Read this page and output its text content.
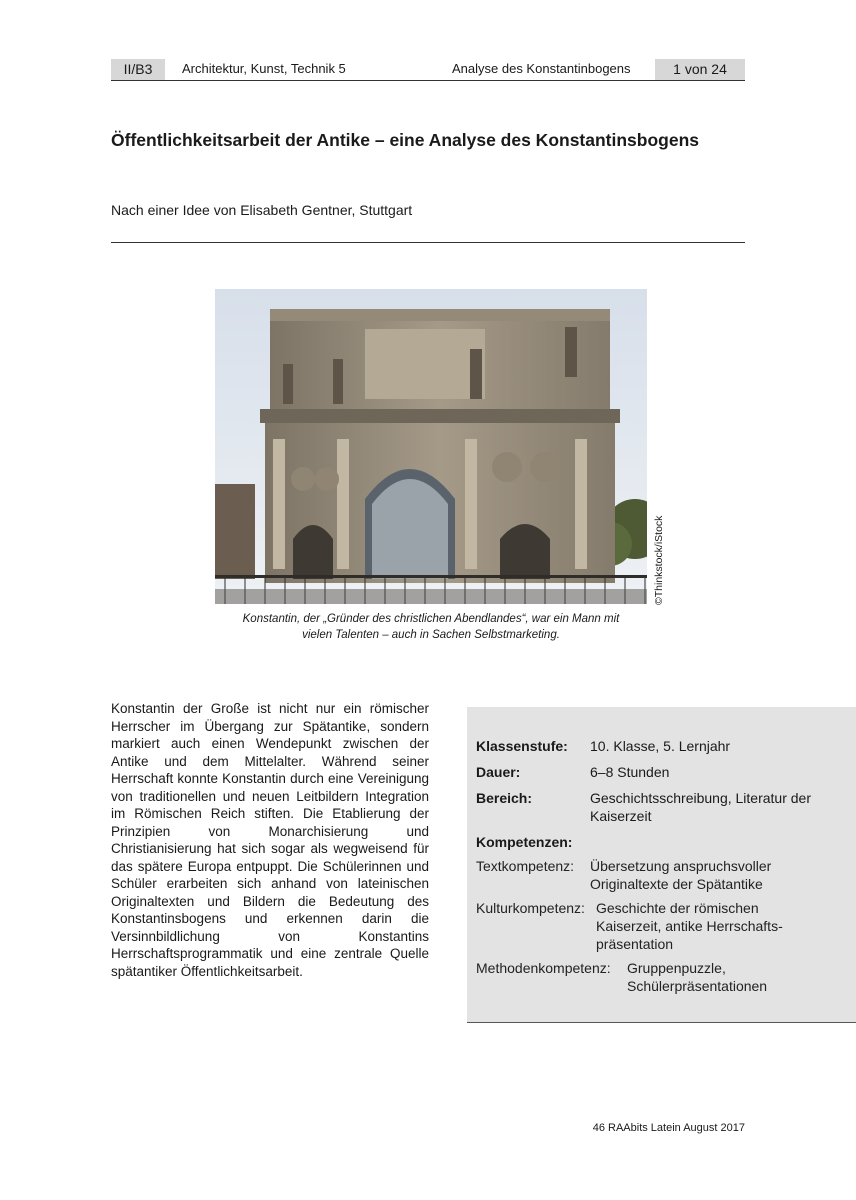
II/B3	Architektur, Kunst, Technik 5	Analyse des Konstantinbogens	1 von 24
Öffentlichkeitsarbeit der Antike – eine Analyse des Konstantinsbogens
Nach einer Idee von Elisabeth Gentner, Stuttgart
©Thinkstock/iStock
Konstantin, der „Gründer des christlichen Abendlandes“, war ein Mann mit
vielen Talenten – auch in Sachen Selbstmarketing.

Konstantin der Große ist nicht nur ein römischer Herrscher im Übergang zur Spätantike, sondern markiert auch einen Wendepunkt zwischen der Antike und dem Mittelalter. Während seiner Herrschaft konnte Konstantin durch eine Vereinigung von traditionellen und neuen Leitbildern Integration im Römischen Reich stiften. Die Etablierung der Prinzipien von Monarchisierung und Christianisierung hat sich sogar als wegweisend für das spätere Europa entpuppt. Die Schülerinnen und Schüler erarbeiten sich anhand von lateinischen Originaltexten und Bildern die Bedeutung des Konstantinsbogens und erkennen darin die Versinnbildlichung von Konstantins Herrschaftsprogrammatik und eine zentrale Quelle spätantiker Öffentlichkeitsarbeit.

Klassenstufe: 10. Klasse, 5. Lernjahr
Dauer:	6–8 Stunden
Bereich:	Geschichtsschreibung, Literatur der Kaiserzeit
Kompetenzen:
Textkompetenz: Übersetzung anspruchsvoller Originaltexte der Spätantike
Kulturkompetenz: Geschichte der römischen Kaiserzeit, antike Herrschaftspräsentation
Methodenkompetenz: Gruppenpuzzle, Schülerpräsentationen
46 RAAbits Latein August 2017
